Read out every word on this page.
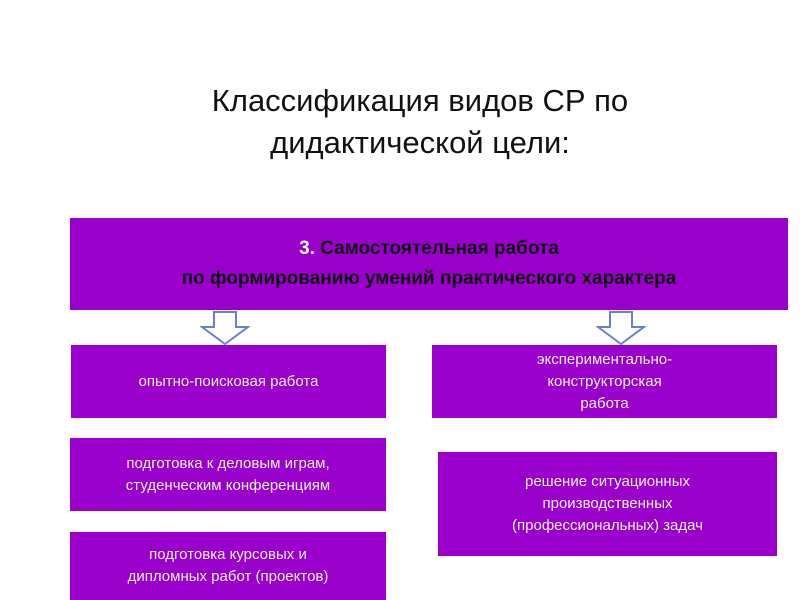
Классификация видов СР по
дидактической цели:
3. Самостоятельная работа
по формированию умений практического характера
опытно-поисковая работа
подготовка к деловым играм,
студенческим конференциям
подготовка курсовых и
дипломных работ (проектов)
экспериментально-
конструкторская
работа
решение ситуационных
производственных
(профессиональных) задач
